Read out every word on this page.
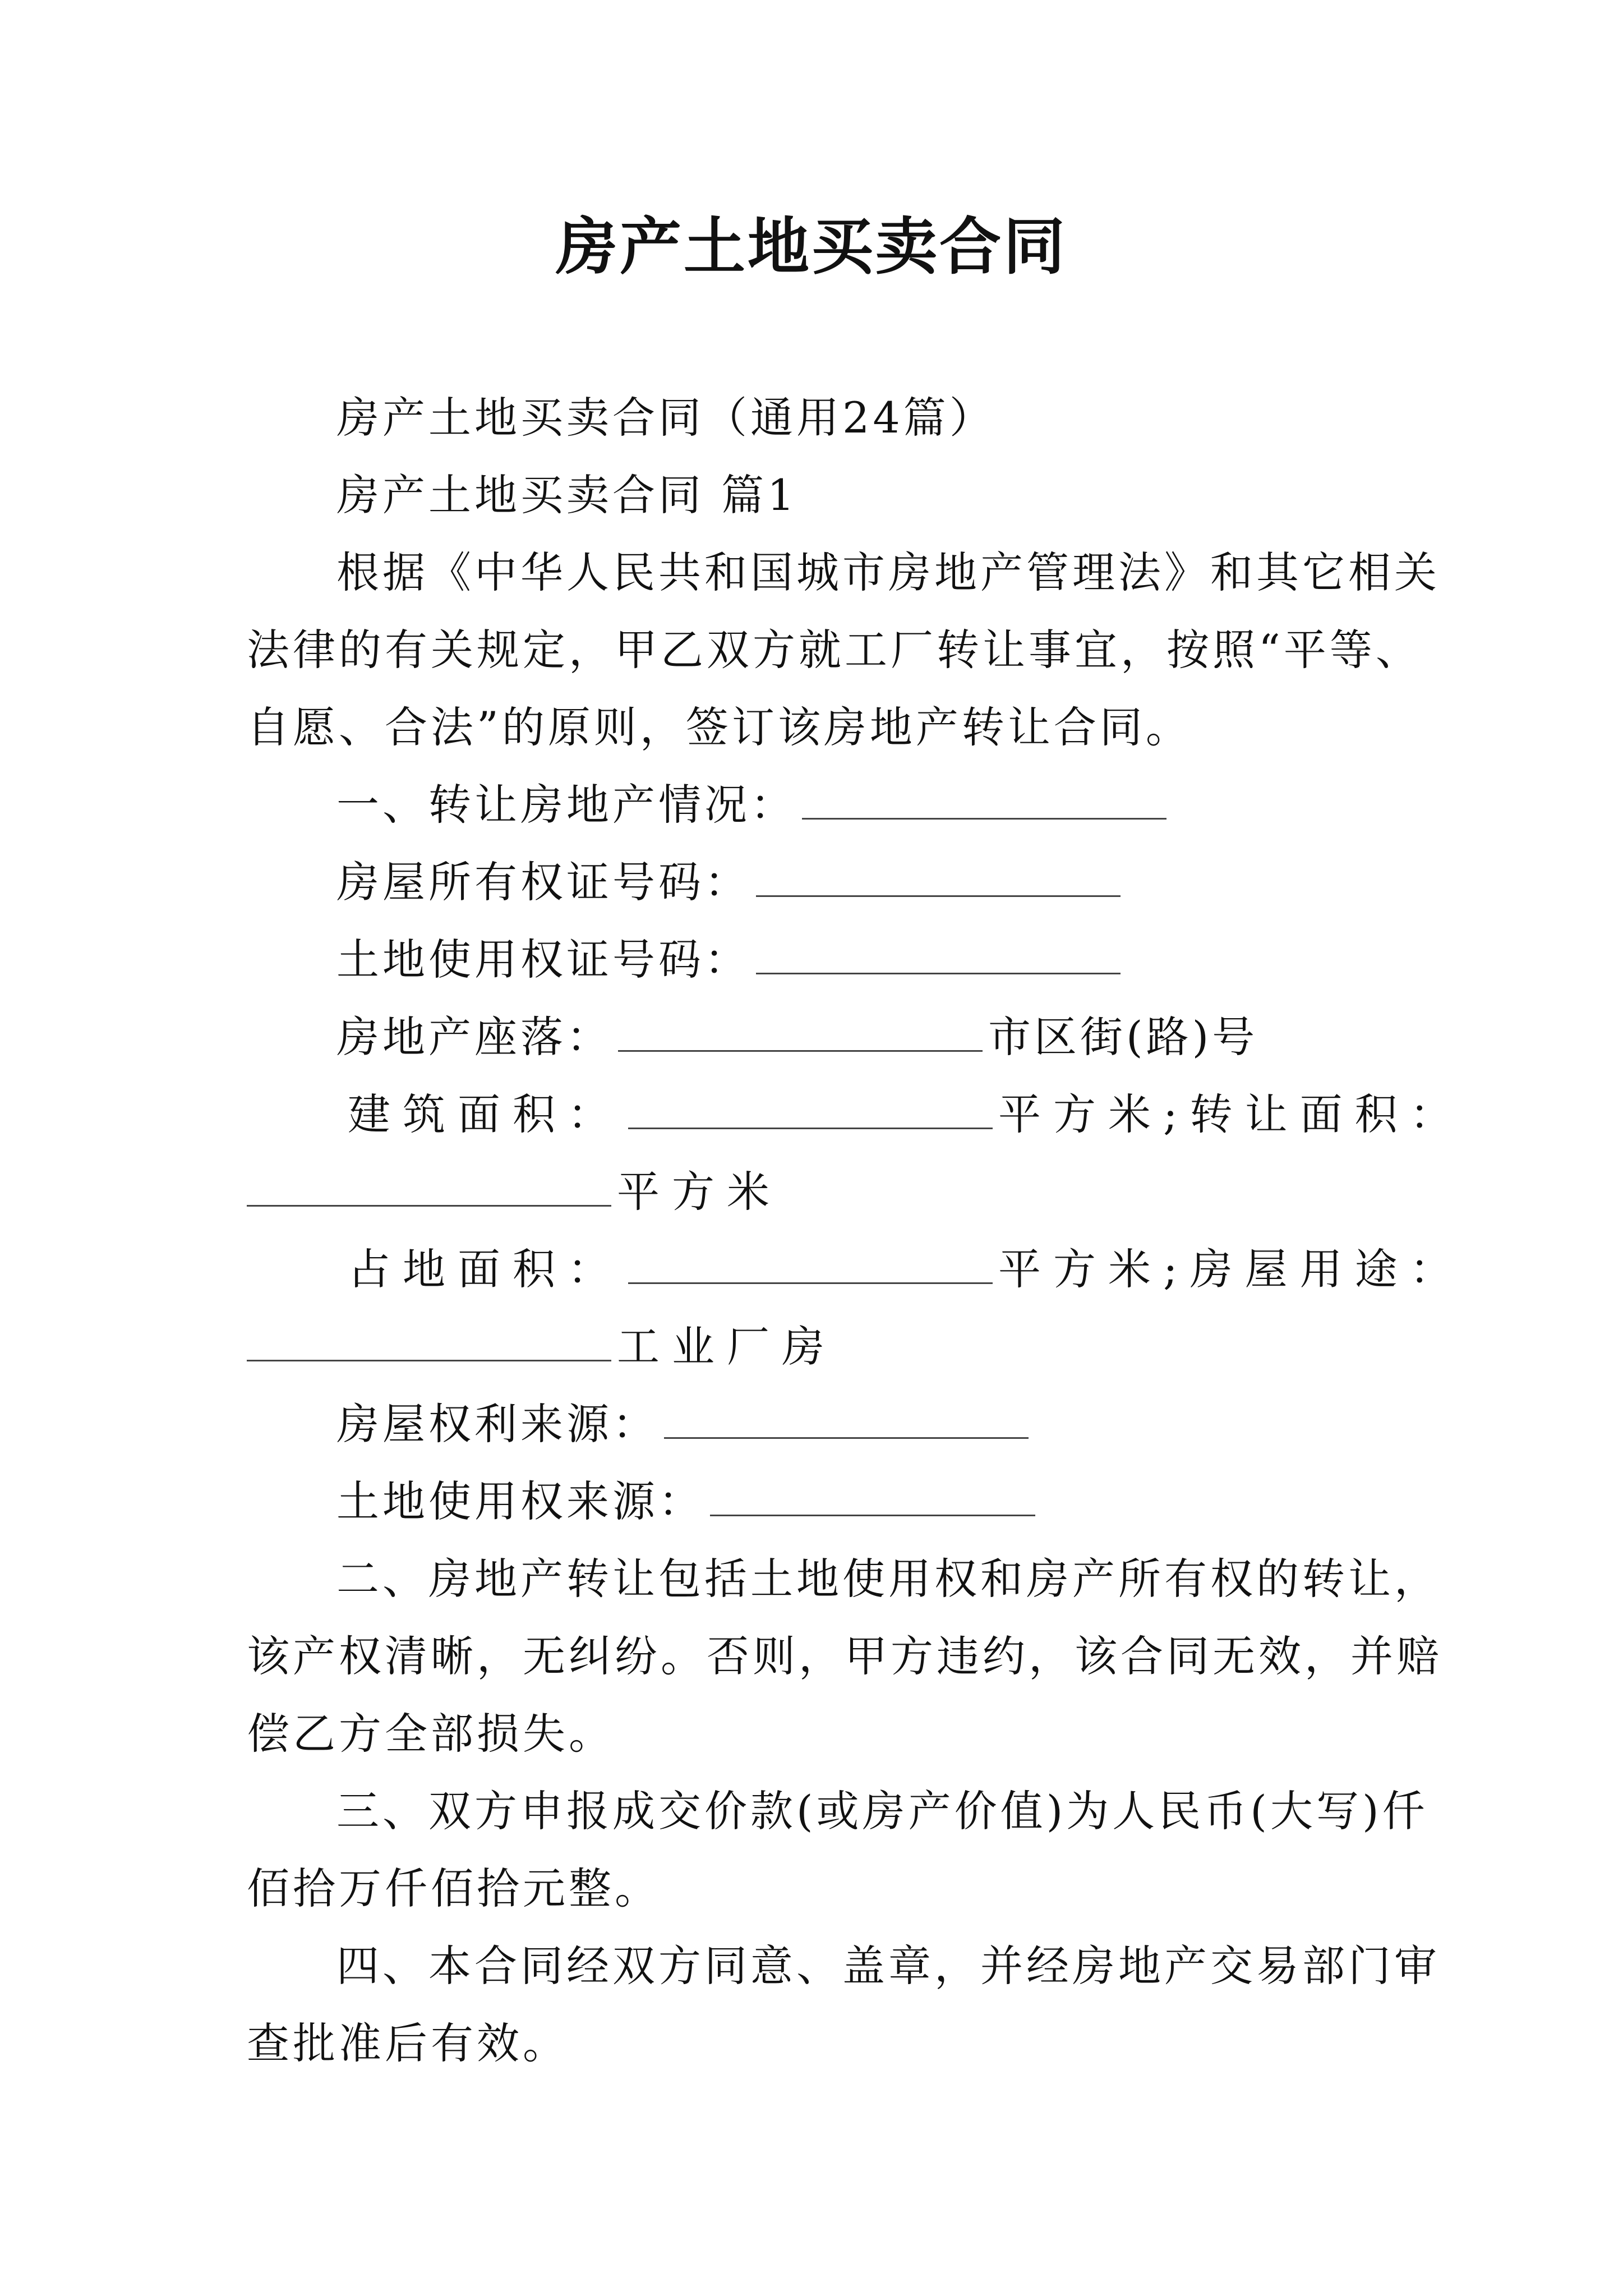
房产土地买卖合同
房产土地买卖合同（通用24篇）
房产土地买卖合同 篇1
根据《中华人民共和国城市房地产管理法》和其它相关
法律的有关规定，甲乙双方就工厂转让事宜，按照“平等、
自愿、合法”的原则，签订该房地产转让合同。
一、转让房地产情况：
房屋所有权证号码：
土地使用权证号码：
房地产座落：	市区街(路)号
建筑面积：	平方米;转让面积：
平方米
占地面积：	平方米;房屋用途：
工业厂房
房屋权利来源：
土地使用权来源：
二、房地产转让包括土地使用权和房产所有权的转让，
该产权清晰，无纠纷。否则，甲方违约，该合同无效，并赔
偿乙方全部损失。
三、双方申报成交价款(或房产价值)为人民币(大写)仟
佰拾万仟佰拾元整。
四、本合同经双方同意、盖章，并经房地产交易部门审
查批准后有效。
